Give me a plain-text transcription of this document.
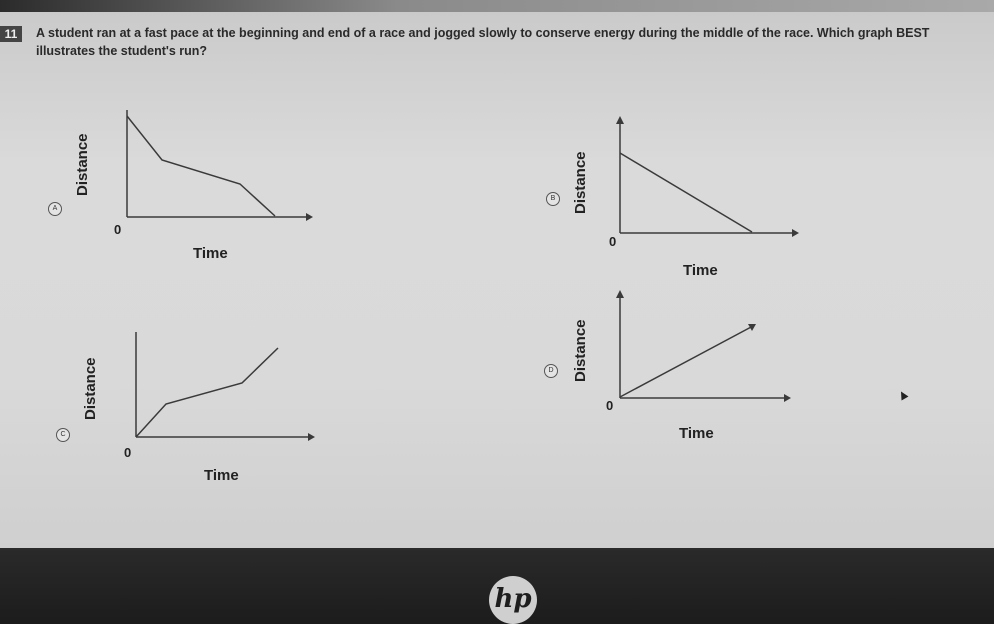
11	A student ran at a fast pace at the beginning and end of a race and jogged slowly to conserve energy during the middle of the race. Which graph BEST illustrates the student's run?
A
Distance
0
Time
B	Distance
0
Time
C
Distance
0
Time
D Distance
0
Time
hp
